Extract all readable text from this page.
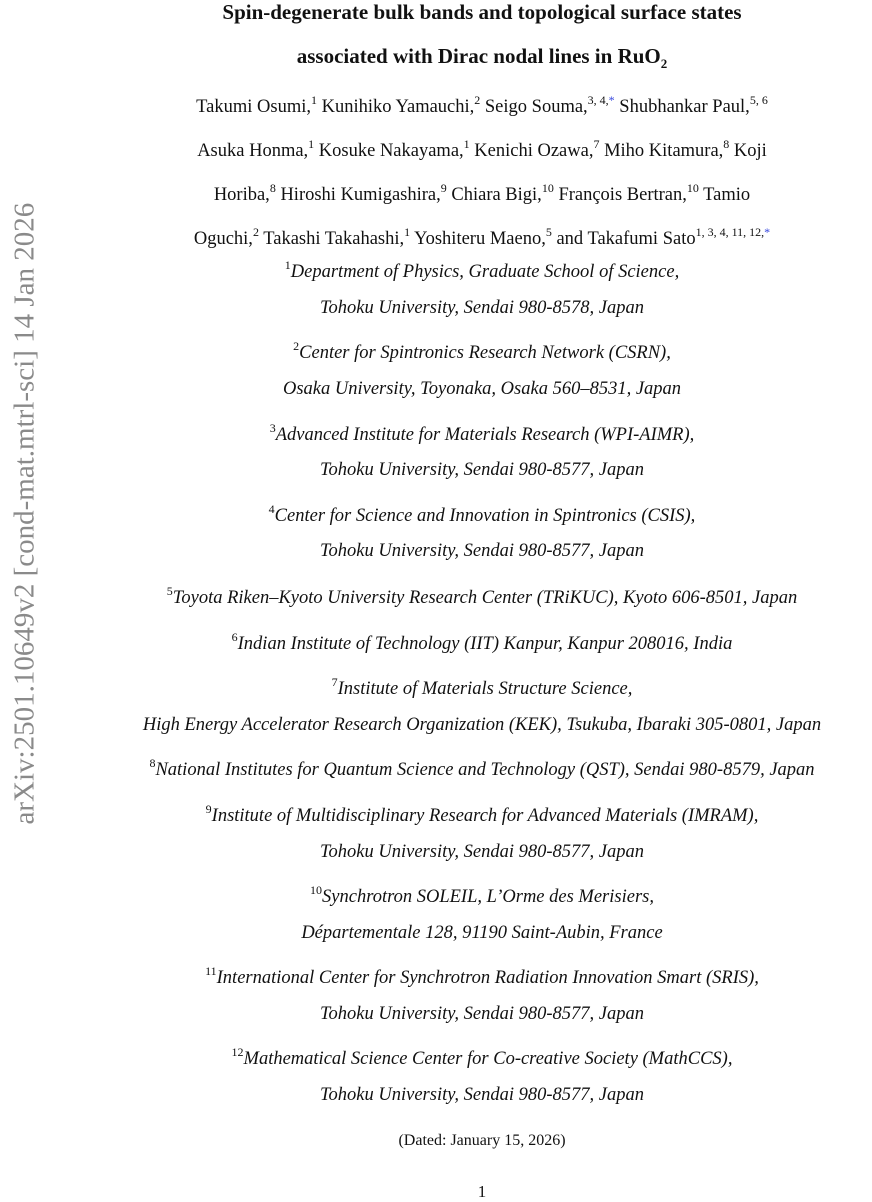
arXiv:2501.10649v2 [cond-mat.mtrl-sci] 14 Jan 2026
Spin-degenerate bulk bands and topological surface states
associated with Dirac nodal lines in RuO$_2$
Takumi Osumi,$^1$ Kunihiko Yamauchi,$^2$ Seigo Souma,$^{3, 4,*}$ Shubhankar Paul,$^{5, 6}$
Asuka Honma,$^1$ Kosuke Nakayama,$^1$ Kenichi Ozawa,$^7$ Miho Kitamura,$^8$ Koji
Horiba,$^8$ Hiroshi Kumigashira,$^9$ Chiara Bigi,$^{10}$ François Bertran,$^{10}$ Tamio
Oguchi,$^2$ Takashi Takahashi,$^1$ Yoshiteru Maeno,$^5$ and Takafumi Sato$^{1, 3, 4, 11, 12,*}$
$^1$Department of Physics, Graduate School of Science,
Tohoku University, Sendai 980-8578, Japan
$^2$Center for Spintronics Research Network (CSRN),
Osaka University, Toyonaka, Osaka 560–8531, Japan
$^3$Advanced Institute for Materials Research (WPI-AIMR),
Tohoku University, Sendai 980-8577, Japan
$^4$Center for Science and Innovation in Spintronics (CSIS),
Tohoku University, Sendai 980-8577, Japan
$^5$Toyota Riken–Kyoto University Research Center (TRiKUC), Kyoto 606-8501, Japan
$^6$Indian Institute of Technology (IIT) Kanpur, Kanpur 208016, India
$^7$Institute of Materials Structure Science,
High Energy Accelerator Research Organization (KEK), Tsukuba, Ibaraki 305-0801, Japan
$^8$National Institutes for Quantum Science and Technology (QST), Sendai 980-8579, Japan
$^9$Institute of Multidisciplinary Research for Advanced Materials (IMRAM),
Tohoku University, Sendai 980-8577, Japan
$^{10}$Synchrotron SOLEIL, L’Orme des Merisiers,
Départementale 128, 91190 Saint-Aubin, France
$^{11}$International Center for Synchrotron Radiation Innovation Smart (SRIS),
Tohoku University, Sendai 980-8577, Japan
$^{12}$Mathematical Science Center for Co-creative Society (MathCCS),
Tohoku University, Sendai 980-8577, Japan
(Dated: January 15, 2026)
1
